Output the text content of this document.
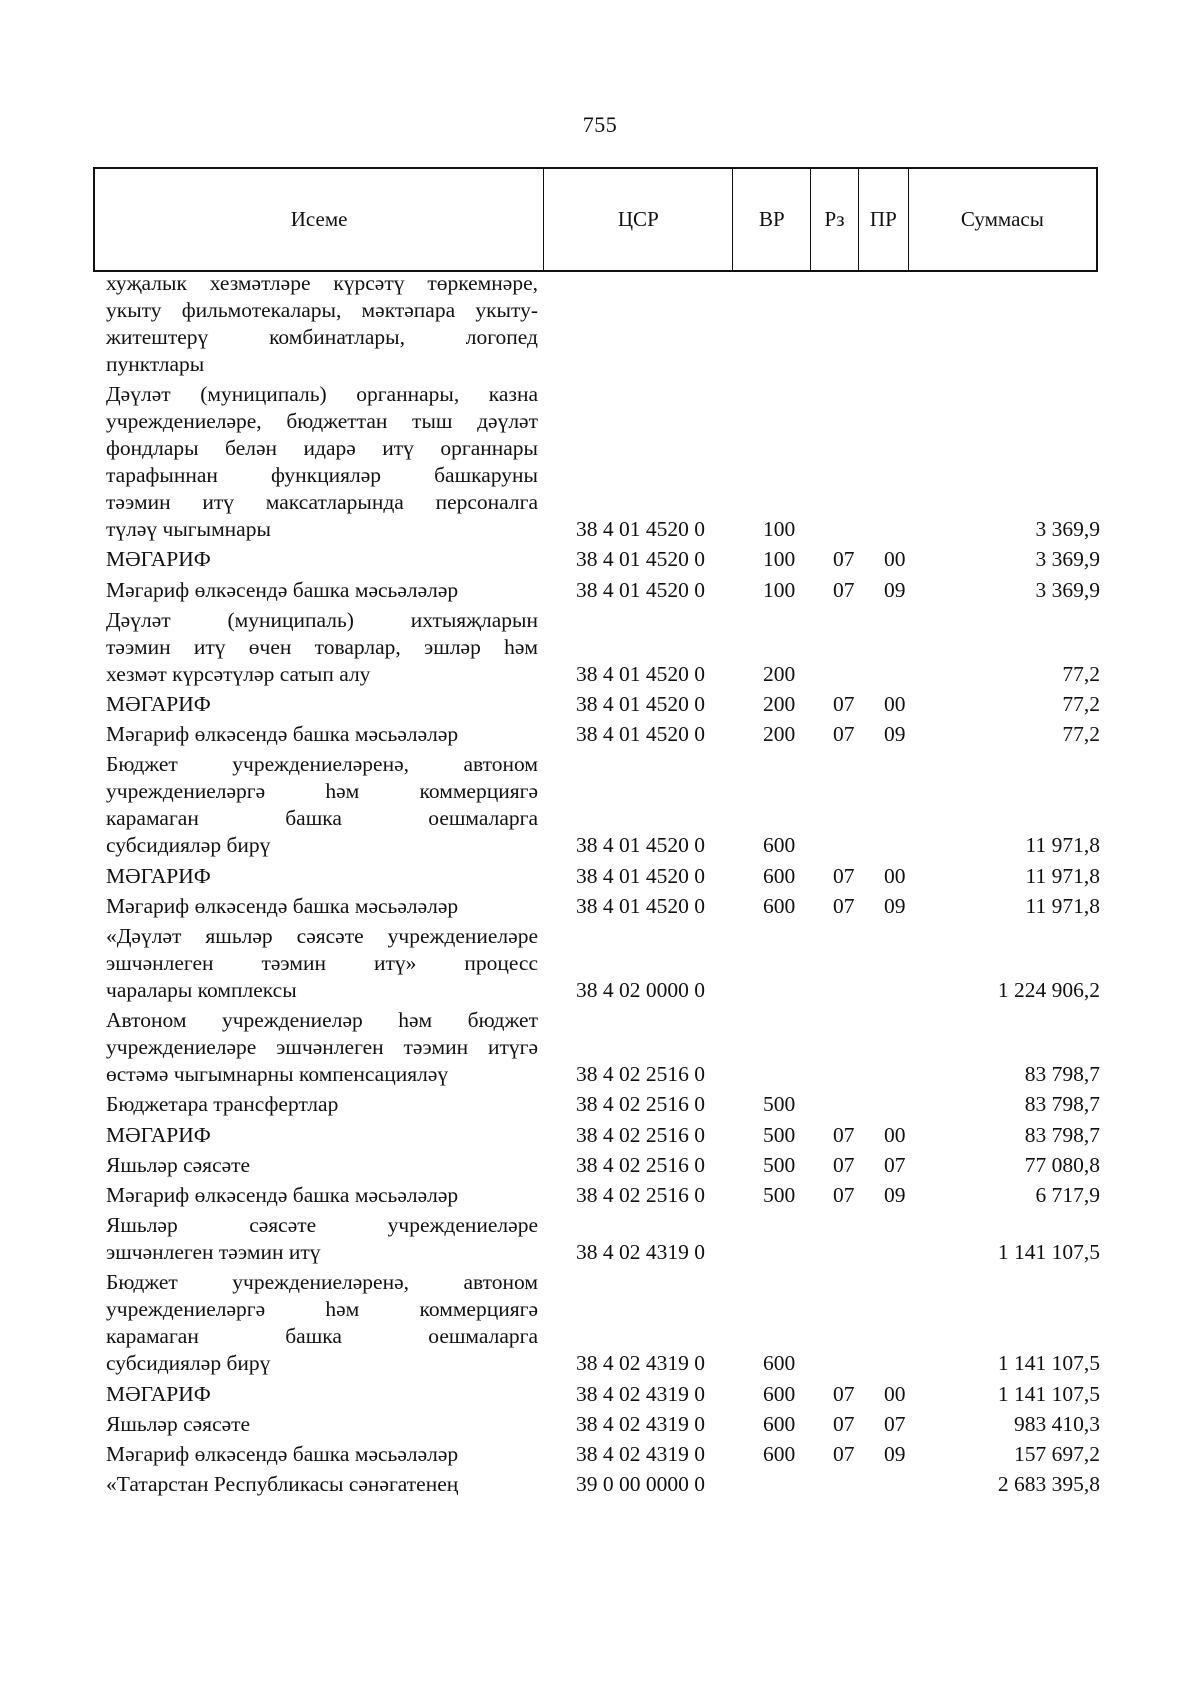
755
Исеме	ЦСР	ВР	Рз	ПР	Суммасы
хуҗалык хезмәтләре күрсәтү төркемнәре,
укыту фильмотекалары, мәктәпара укыту-
житештерү комбинатлары, логопед
пунктлары
Дәүләт (муниципаль) органнары, казна
учреждениеләре, бюджеттан тыш дәүләт
фондлары белән идарә итү органнары
тарафыннан функцияләр башкаруны
тәэмин итү максатларында персоналга
түләү чыгымнары	38 4 01 4520 0	100	3 369,9
МӘГАРИФ	38 4 01 4520 0	100 07 00	3 369,9
Мәгариф өлкәсендә башка мәсьәләләр	38 4 01 4520 0	100 07 09	3 369,9
Дәүләт (муниципаль) ихтыяҗларын
тәэмин итү өчен товарлар, эшләр һәм
хезмәт күрсәтүләр сатып алу	38 4 01 4520 0	200	77,2
МӘГАРИФ	38 4 01 4520 0	200 07 00	77,2
Мәгариф өлкәсендә башка мәсьәләләр	38 4 01 4520 0	200 07 09	77,2
Бюджет учреждениеләренә, автоном
учреждениеләргә һәм коммерциягә
карамаган башка оешмаларга
субсидияләр бирү	38 4 01 4520 0	600	11 971,8
МӘГАРИФ	38 4 01 4520 0	600 07 00	11 971,8
Мәгариф өлкәсендә башка мәсьәләләр	38 4 01 4520 0	600 07 09	11 971,8
«Дәүләт яшьләр сәясәте учреждениеләре
эшчәнлеген тәэмин итү» процесс
чаралары комплексы	38 4 02 0000 0	1 224 906,2
Автоном учреждениеләр һәм бюджет
учреждениеләре эшчәнлеген тәэмин итүгә
өстәмә чыгымнарны компенсацияләү	38 4 02 2516 0	83 798,7
Бюджетара трансфертлар	38 4 02 2516 0	500	83 798,7
МӘГАРИФ	38 4 02 2516 0	500 07 00	83 798,7
Яшьләр сәясәте	38 4 02 2516 0	500 07 07	77 080,8
Мәгариф өлкәсендә башка мәсьәләләр	38 4 02 2516 0	500 07 09	6 717,9
Яшьләр сәясәте учреждениеләре
эшчәнлеген тәэмин итү	38 4 02 4319 0	1 141 107,5
Бюджет учреждениеләренә, автоном
учреждениеләргә һәм коммерциягә
карамаган башка оешмаларга
субсидияләр бирү	38 4 02 4319 0	600	1 141 107,5
МӘГАРИФ	38 4 02 4319 0	600 07 00	1 141 107,5
Яшьләр сәясәте	38 4 02 4319 0	600 07 07	983 410,3
Мәгариф өлкәсендә башка мәсьәләләр	38 4 02 4319 0	600 07 09	157 697,2
«Татарстан Республикасы сәнәгатенең	39 0 00 0000 0	2 683 395,8
